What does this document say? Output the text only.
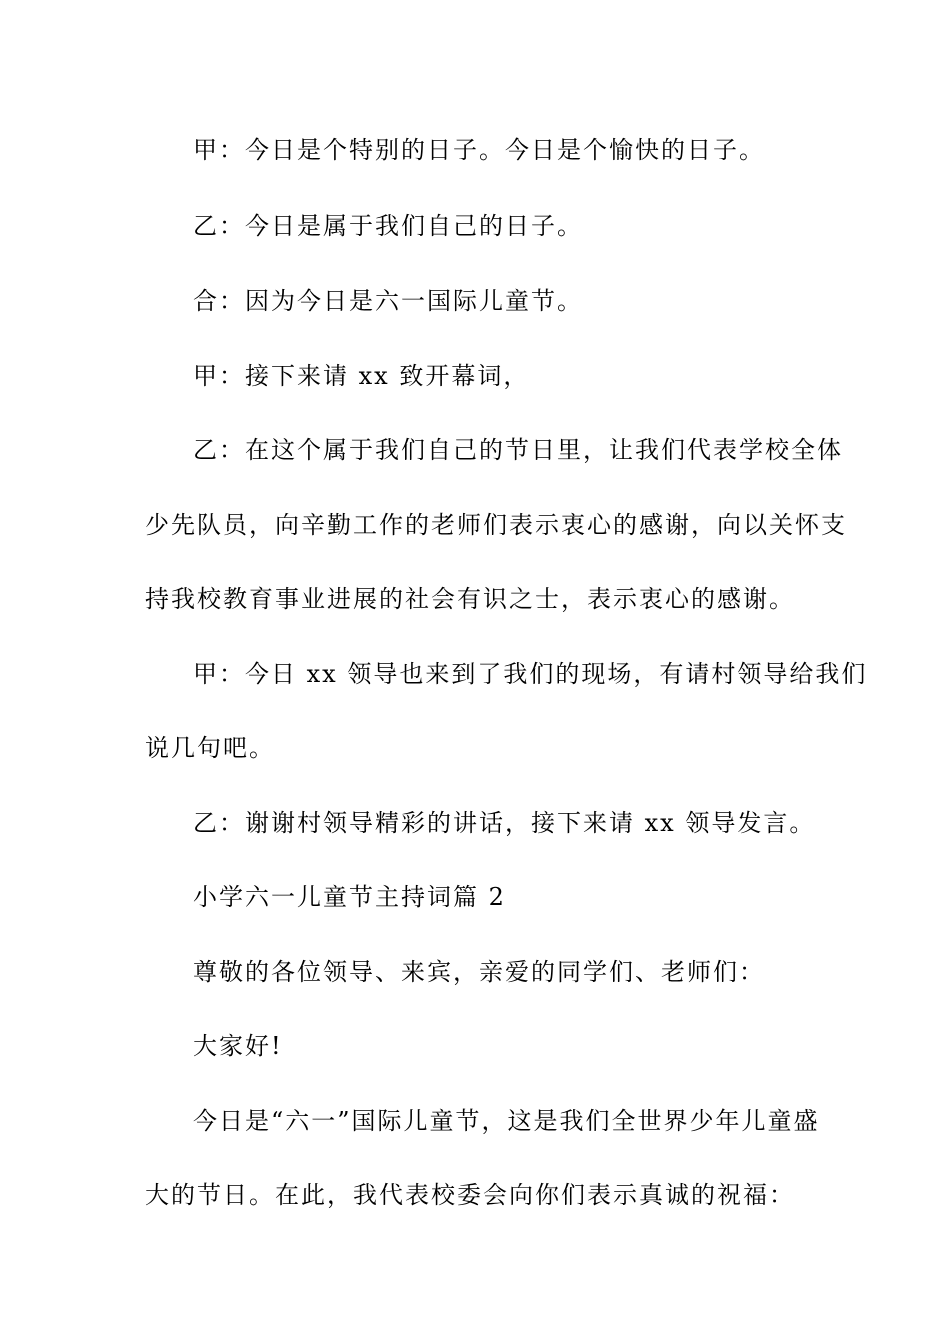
甲：今日是个特别的日子。今日是个愉快的日子。
乙：今日是属于我们自己的日子。
合：因为今日是六一国际儿童节。
甲：接下来请 xx 致开幕词，
乙：在这个属于我们自己的节日里，让我们代表学校全体
少先队员，向辛勤工作的老师们表示衷心的感谢，向以关怀支
持我校教育事业进展的社会有识之士，表示衷心的感谢。
甲：今日 xx 领导也来到了我们的现场，有请村领导给我们
说几句吧。
乙：谢谢村领导精彩的讲话，接下来请 xx 领导发言。
小学六一儿童节主持词篇 2
尊敬的各位领导、来宾，亲爱的同学们、老师们：
大家好!
今日是“六一”国际儿童节，这是我们全世界少年儿童盛
大的节日。在此，我代表校委会向你们表示真诚的祝福：
